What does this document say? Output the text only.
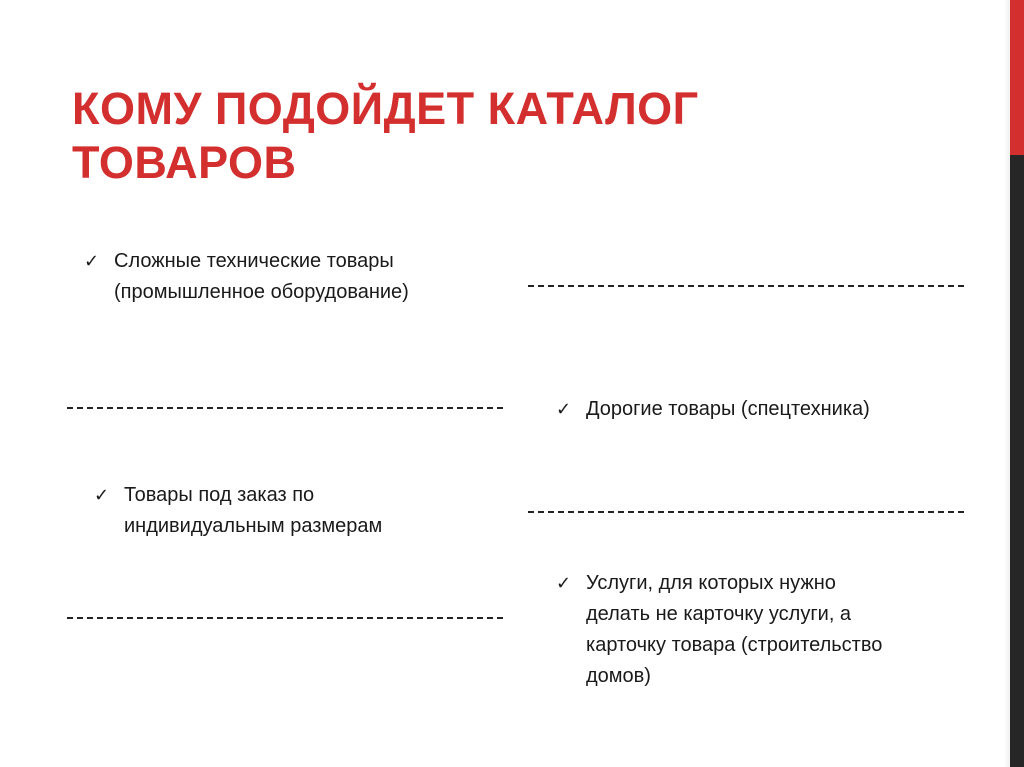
КОМУ ПОДОЙДЕТ КАТАЛОГ
ТОВАРОВ
✓ Сложные технические товары
(промышленное оборудование)
✓ Дорогие товары (спецтехника)
✓ Товары под заказ по
индивидуальным размерам
✓ Услуги, для которых нужно
делать не карточку услуги, а
карточку товара (строительство
домов)
